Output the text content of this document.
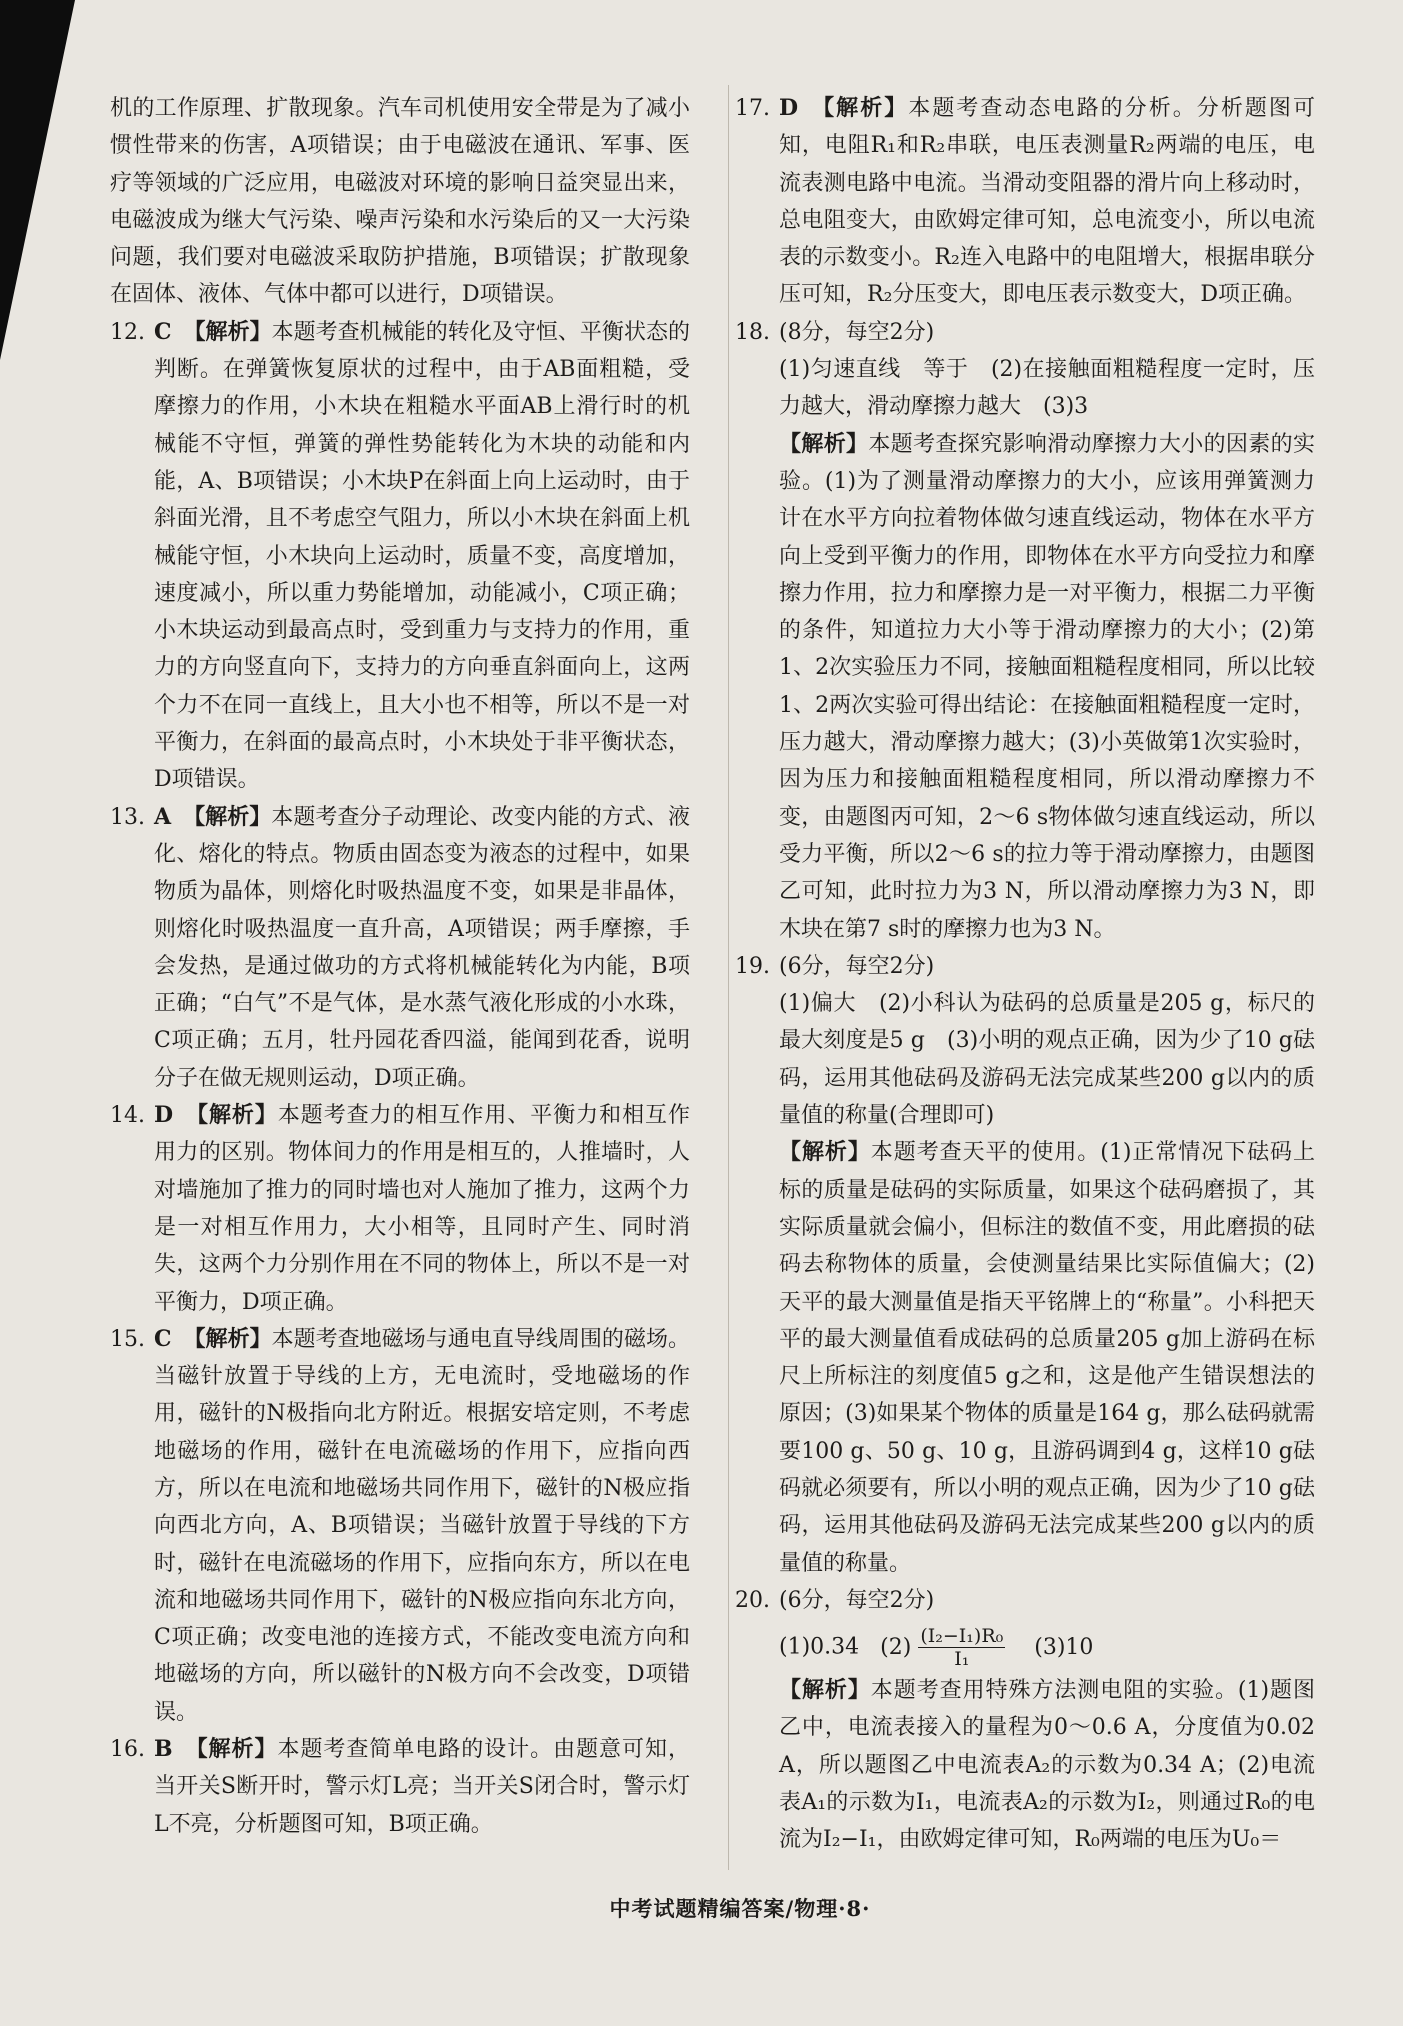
机的工作原理、扩散现象。汽车司机使用安全带是为了减小惯性带来的伤害，A项错误；由于电磁波在通讯、军事、医疗等领域的广泛应用，电磁波对环境的影响日益突显出来，电磁波成为继大气污染、噪声污染和水污染后的又一大污染问题，我们要对电磁波采取防护措施，B项错误；扩散现象在固体、液体、气体中都可以进行，D项错误。

12. C 【解析】本题考查机械能的转化及守恒、平衡状态的判断。在弹簧恢复原状的过程中，由于AB面粗糙，受摩擦力的作用，小木块在粗糙水平面AB上滑行时的机械能不守恒，弹簧的弹性势能转化为木块的动能和内能，A、B项错误；小木块P在斜面上向上运动时，由于斜面光滑，且不考虑空气阻力，所以小木块在斜面上机械能守恒，小木块向上运动时，质量不变，高度增加，速度减小，所以重力势能增加，动能减小，C项正确；小木块运动到最高点时，受到重力与支持力的作用，重力的方向竖直向下，支持力的方向垂直斜面向上，这两个力不在同一直线上，且大小也不相等，所以不是一对平衡力，在斜面的最高点时，小木块处于非平衡状态，D项错误。
13. A 【解析】本题考查分子动理论、改变内能的方式、液化、熔化的特点。物质由固态变为液态的过程中，如果物质为晶体，则熔化时吸热温度不变，如果是非晶体，则熔化时吸热温度一直升高，A项错误；两手摩擦，手会发热，是通过做功的方式将机械能转化为内能，B项正确；“白气”不是气体，是水蒸气液化形成的小水珠，C项正确；五月，牡丹园花香四溢，能闻到花香，说明分子在做无规则运动，D项正确。
14. D 【解析】本题考查力的相互作用、平衡力和相互作用力的区别。物体间力的作用是相互的，人推墙时，人对墙施加了推力的同时墙也对人施加了推力，这两个力是一对相互作用力，大小相等，且同时产生、同时消失，这两个力分别作用在不同的物体上，所以不是一对平衡力，D项正确。
15. C 【解析】本题考查地磁场与通电直导线周围的磁场。当磁针放置于导线的上方，无电流时，受地磁场的作用，磁针的N极指向北方附近。根据安培定则，不考虑地磁场的作用，磁针在电流磁场的作用下，应指向西方，所以在电流和地磁场共同作用下，磁针的N极应指向西北方向，A、B项错误；当磁针放置于导线的下方时，磁针在电流磁场的作用下，应指向东方，所以在电流和地磁场共同作用下，磁针的N极应指向东北方向，C项正确；改变电池的连接方式，不能改变电流方向和地磁场的方向，所以磁针的N极方向不会改变，D项错误。
16. B 【解析】本题考查简单电路的设计。由题意可知，当开关S断开时，警示灯L亮；当开关S闭合时，警示灯L不亮，分析题图可知，B项正确。
17. D 【解析】本题考查动态电路的分析。分析题图可知，电阻R₁和R₂串联，电压表测量R₂两端的电压，电流表测电路中电流。当滑动变阻器的滑片向上移动时，总电阻变大，由欧姆定律可知，总电流变小，所以电流表的示数变小。R₂连入电路中的电阻增大，根据串联分压可知，R₂分压变大，即电压表示数变大，D项正确。
18. (8分，每空2分)

(1)匀速直线　等于　(2)在接触面粗糙程度一定时，压力越大，滑动摩擦力越大　(3)3

【解析】本题考查探究影响滑动摩擦力大小的因素的实验。(1)为了测量滑动摩擦力的大小，应该用弹簧测力计在水平方向拉着物体做匀速直线运动，物体在水平方向上受到平衡力的作用，即物体在水平方向受拉力和摩擦力作用，拉力和摩擦力是一对平衡力，根据二力平衡的条件，知道拉力大小等于滑动摩擦力的大小；(2)第1、2次实验压力不同，接触面粗糙程度相同，所以比较1、2两次实验可得出结论：在接触面粗糙程度一定时，压力越大，滑动摩擦力越大；(3)小英做第1次实验时，因为压力和接触面粗糙程度相同，所以滑动摩擦力不变，由题图丙可知，2～6 s物体做匀速直线运动，所以受力平衡，所以2～6 s的拉力等于滑动摩擦力，由题图乙可知，此时拉力为3 N，所以滑动摩擦力为3 N，即木块在第7 s时的摩擦力也为3 N。

19. (6分，每空2分)

(1)偏大　(2)小科认为砝码的总质量是205 g，标尺的最大刻度是5 g　(3)小明的观点正确，因为少了10 g砝码，运用其他砝码及游码无法完成某些200 g以内的质量值的称量(合理即可)

【解析】本题考查天平的使用。(1)正常情况下砝码上标的质量是砝码的实际质量，如果这个砝码磨损了，其实际质量就会偏小，但标注的数值不变，用此磨损的砝码去称物体的质量，会使测量结果比实际值偏大；(2)天平的最大测量值是指天平铭牌上的“称量”。小科把天平的最大测量值看成砝码的总质量205 g加上游码在标尺上所标注的刻度值5 g之和，这是他产生错误想法的原因；(3)如果某个物体的质量是164 g，那么砝码就需要100 g、50 g、10 g，且游码调到4 g，这样10 g砝码就必须要有，所以小明的观点正确，因为少了10 g砝码，运用其他砝码及游码无法完成某些200 g以内的质量值的称量。

20. (6分，每空2分)

(1)0.34 $(2) \frac{\text{(I₂−I₁)R₀}}{\text{I₁}} (3)10$

【解析】本题考查用特殊方法测电阻的实验。(1)题图乙中，电流表接入的量程为0～0.6 A，分度值为0.02 A，所以题图乙中电流表A₂的示数为0.34 A；(2)电流表A₁的示数为I₁，电流表A₂的示数为I₂，则通过R₀的电流为I₂−I₁，由欧姆定律可知，R₀两端的电压为U₀＝

中考试题精编答案/物理·8·
